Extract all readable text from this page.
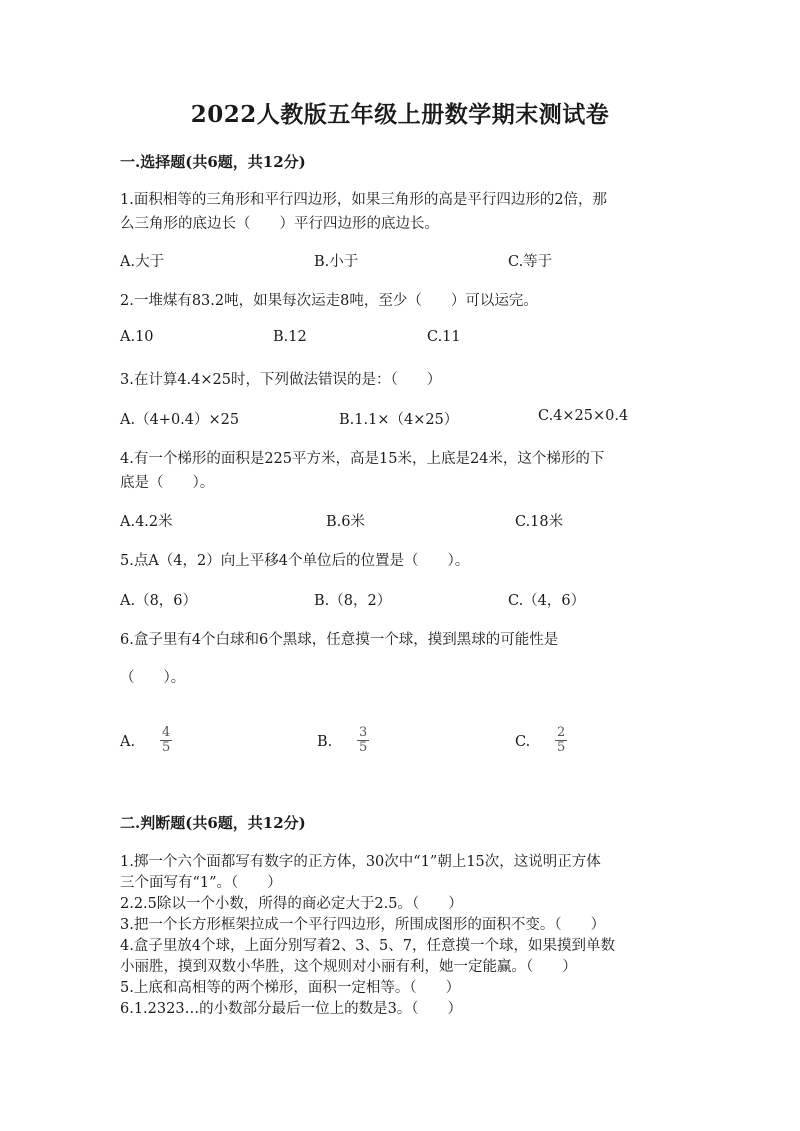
2022人教版五年级上册数学期末测试卷
一.选择题(共6题，共12分)
1.面积相等的三角形和平行四边形，如果三角形的高是平行四边形的2倍，那
么三角形的底边长（　　）平行四边形的底边长。
A.大于	B.小于	C.等于
2.一堆煤有83.2吨，如果每次运走8吨，至少（　　）可以运完。
A.10	B.12	C.11
3.在计算4.4×25时，下列做法错误的是：（　　）
A.（4+0.4）×25	B.1.1×（4×25）	C.4×25×0.4
4.有一个梯形的面积是225平方米，高是15米，上底是24米，这个梯形的下
底是（　　）。
A.4.2米	B.6米	C.18米
5.点A（4，2）向上平移4个单位后的位置是（　　）。
A.（8，6）	B.（8，2）	C.（4，6）
6.盒子里有4个白球和6个黑球，任意摸一个球，摸到黑球的可能性是
（　　）。
A. $\frac{4}{5}$	B. $\frac{3}{5}$	C. $\frac{2}{5}$
二.判断题(共6题，共12分)
1.掷一个六个面都写有数字的正方体，30次中“1”朝上15次，这说明正方体
三个面写有“1”。（　　）
2.2.5除以一个小数，所得的商必定大于2.5。（　　）
3.把一个长方形框架拉成一个平行四边形，所围成图形的面积不变。（　　）
4.盒子里放4个球，上面分别写着2、3、5、7，任意摸一个球，如果摸到单数
小丽胜，摸到双数小华胜，这个规则对小丽有利，她一定能赢。（　　）
5.上底和高相等的两个梯形，面积一定相等。（　　）
6.1.2323…的小数部分最后一位上的数是3。（　　）
